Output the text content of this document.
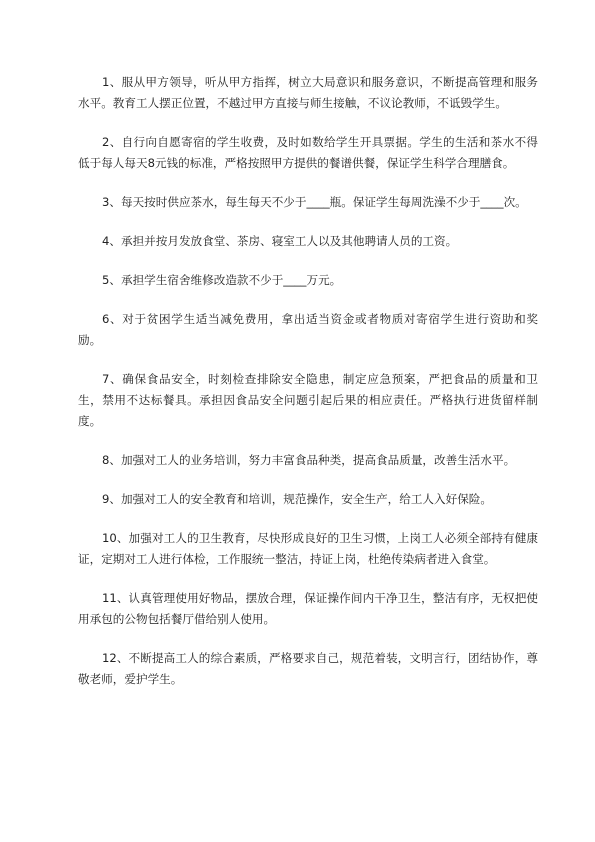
1、服从甲方领导，听从甲方指挥，树立大局意识和服务意识，不断提高管理和服务水平。教育工人摆正位置，不越过甲方直接与师生接触，不议论教师，不诋毁学生。

2、自行向自愿寄宿的学生收费，及时如数给学生开具票据。学生的生活和茶水不得低于每人每天8元钱的标准，严格按照甲方提供的餐谱供餐，保证学生科学合理膳食。

3、每天按时供应茶水，每生每天不少于____瓶。保证学生每周洗澡不少于____次。

4、承担并按月发放食堂、茶房、寝室工人以及其他聘请人员的工资。

5、承担学生宿舍维修改造款不少于____万元。

6、对于贫困学生适当减免费用，拿出适当资金或者物质对寄宿学生进行资助和奖励。

7、确保食品安全，时刻检查排除安全隐患，制定应急预案，严把食品的质量和卫生，禁用不达标餐具。承担因食品安全问题引起后果的相应责任。严格执行进货留样制度。

8、加强对工人的业务培训，努力丰富食品种类，提高食品质量，改善生活水平。

9、加强对工人的安全教育和培训，规范操作，安全生产，给工人入好保险。

10、加强对工人的卫生教育，尽快形成良好的卫生习惯，上岗工人必须全部持有健康证，定期对工人进行体检，工作服统一整洁，持证上岗，杜绝传染病者进入食堂。

11、认真管理使用好物品，摆放合理，保证操作间内干净卫生，整洁有序，无权把使用承包的公物包括餐厅借给别人使用。

12、不断提高工人的综合素质，严格要求自己，规范着装，文明言行，团结协作，尊敬老师，爱护学生。
